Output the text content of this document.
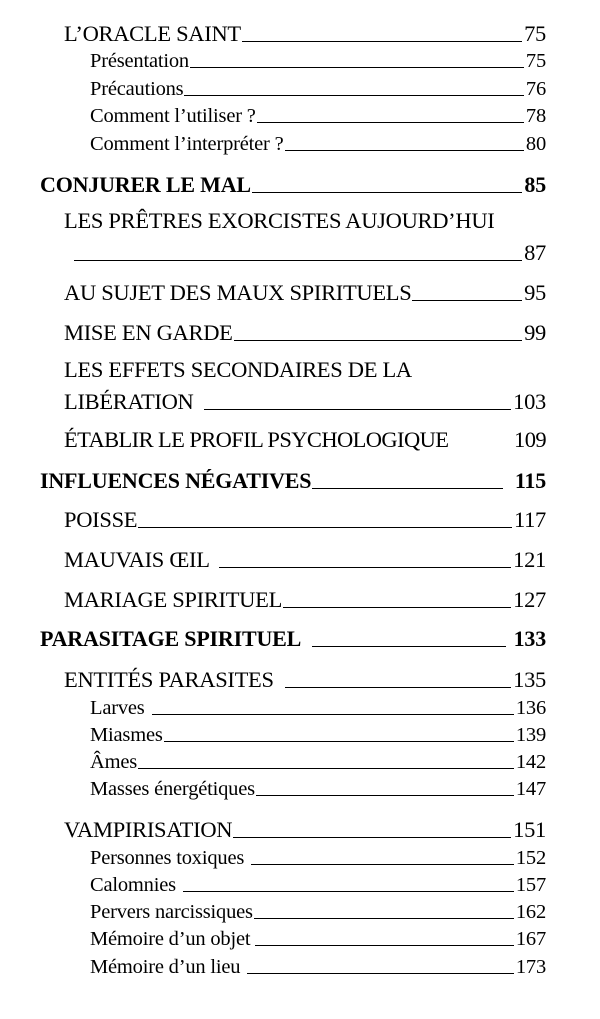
L’ORACLE SAINT	75
Présentation	75
Précautions	76
Comment l’utiliser ?	78
Comment l’interpréter ?	80
CONJURER LE MAL	85
LES PRÊTRES EXORCISTES AUJOURD’HUI
87
AU SUJET DES MAUX SPIRITUELS	95
MISE EN GARDE	99
LES EFFETS SECONDAIRES DE LA
LIBÉRATION	103
ÉTABLIR LE PROFIL PSYCHOLOGIQUE	109
INFLUENCES NÉGATIVES	115
POISSE	117
MAUVAIS ŒIL	121
MARIAGE SPIRITUEL	127
PARASITAGE SPIRITUEL	133
ENTITÉS PARASITES	135
Larves	136
Miasmes	139
Âmes	142
Masses énergétiques	147
VAMPIRISATION	151
Personnes toxiques	152
Calomnies	157
Pervers narcissiques	162
Mémoire d’un objet	167
Mémoire d’un lieu	173
